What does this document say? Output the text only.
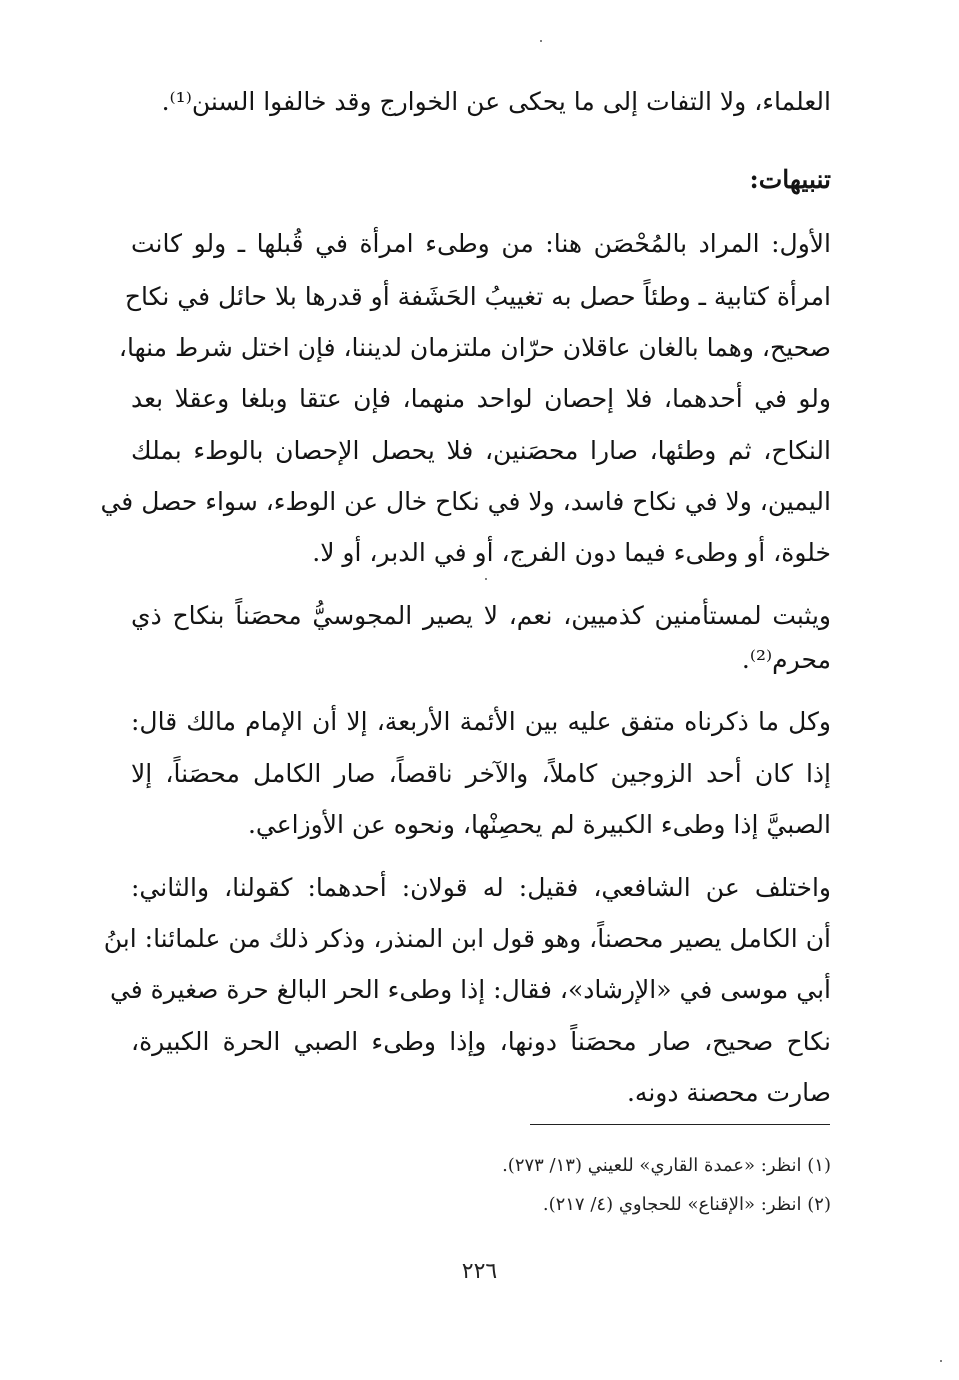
العلماء، ولا التفات إلى ما يحكى عن الخوارج وقد خالفوا السنن⁽¹⁾.
تنبيهات:
الأول: المراد بالمُحْصَن هنا: من وطىء امرأة في قُبلها ـ ولو كانت
امرأة كتابية ـ وطئاً حصل به تغييبُ الحَشَفة أو قدرها بلا حائل في نكاح
صحيح، وهما بالغان عاقلان حرّان ملتزمان لديننا، فإن اختل شرط منها،
ولو في أحدهما، فلا إحصان لواحد منهما، فإن عتقا وبلغا وعقلا بعد
النكاح، ثم وطئها، صارا محصَنين، فلا يحصل الإحصان بالوطء بملك
اليمين، ولا في نكاح فاسد، ولا في نكاح خال عن الوطء، سواء حصل في
خلوة، أو وطىء فيما دون الفرج، أو في الدبر، أو لا.
ويثبت لمستأمنين كذميين، نعم، لا يصير المجوسيُّ محصَناً بنكاح ذي
محرم⁽²⁾.
وكل ما ذكرناه متفق عليه بين الأئمة الأربعة، إلا أن الإمام مالك قال:
إذا كان أحد الزوجين كاملاً، والآخر ناقصاً، صار الكامل محصَناً، إلا
الصبيَّ إذا وطىء الكبيرة لم يحصِنْها، ونحوه عن الأوزاعي.
واختلف عن الشافعي، فقيل: له قولان: أحدهما: كقولنا، والثاني:
أن الكامل يصير محصناً، وهو قول ابن المنذر، وذكر ذلك من علمائنا: ابنُ
أبي موسى في «الإرشاد»، فقال: إذا وطىء الحر البالغ حرة صغيرة في
نكاح صحيح، صار محصَناً دونها، وإذا وطىء الصبي الحرة الكبيرة،
صارت محصنة دونه.
(١) انظر: «عمدة القاري» للعيني (١٣/ ٢٧٣).
(٢) انظر: «الإقناع» للحجاوي (٤/ ٢١٧).
٢٢٦
